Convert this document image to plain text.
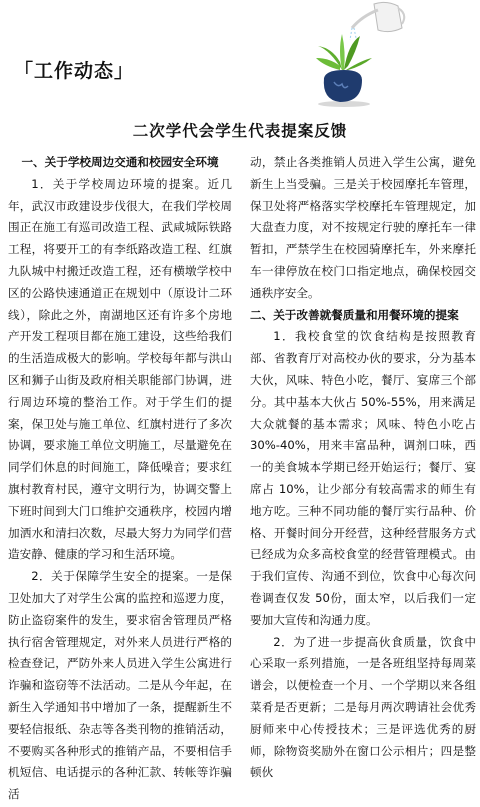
「工作动态」
二次学代会学生代表提案反馈
一、关于学校周边交通和校园安全环境

1．关于学校周边环境的提案。近几年，武汉市政建设步伐很大，在我们学校周围正在施工有巡司改造工程、武咸城际铁路工程，将要开工的有李纸路改造工程、红旗九队城中村搬迁改造工程，还有横墩学校中区的公路快速通道正在规划中（原设计二环线），除此之外，南湖地区还有许多个房地产开发工程项目都在施工建设，这些给我们的生活造成极大的影响。学校每年都与洪山区和狮子山街及政府相关职能部门协调，进行周边环境的整治工作。对于学生们的提案，保卫处与施工单位、红旗村进行了多次协调，要求施工单位文明施工，尽量避免在同学们休息的时间施工，降低噪音；要求红旗村教育村民，遵守文明行为，协调交警上下班时间到大门口维护交通秩序，校园内增加洒水和清扫次数，尽最大努力为同学们营造安静、健康的学习和生活环境。

2．关于保障学生安全的提案。一是保卫处加大了对学生公寓的监控和巡逻力度，防止盗窃案件的发生，要求宿舍管理员严格执行宿舍管理规定，对外来人员进行严格的检查登记，严防外来人员进入学生公寓进行诈骗和盗窃等不法活动。二是从今年起，在新生入学通知书中增加了一条，提醒新生不要轻信报纸、杂志等各类刊物的推销活动，不要购买各种形式的推销产品，不要相信手机短信、电话提示的各种汇款、转帐等诈骗活

动，禁止各类推销人员进入学生公寓，避免新生上当受骗。三是关于校园摩托车管理，保卫处将严格落实学校摩托车管理规定，加大盘查力度，对不按规定行驶的摩托车一律暂扣，严禁学生在校园骑摩托车，外来摩托车一律停放在校门口指定地点，确保校园交通秩序安全。

二、关于改善就餐质量和用餐环境的提案

1．我校食堂的饮食结构是按照教育部、省教育厅对高校办伙的要求，分为基本大伙，风味、特色小吃，餐厅、宴席三个部分。其中基本大伙占 50%-55%，用来满足大众就餐的基本需求；风味、特色小吃占 30%-40%，用来丰富品种，调剂口味，西一的美食城本学期已经开始运行；餐厅、宴席占 10%，让少部分有较高需求的师生有地方吃。三种不同功能的餐厅实行品种、价格、开餐时间分开经营，这种经营服务方式已经成为众多高校食堂的经营管理模式。由于我们宣传、沟通不到位，饮食中心每次问卷调查仅发 50份，面太窄，以后我们一定要加大宣传和沟通力度。

2．为了进一步提高伙食质量，饮食中心采取一系列措施，一是各班组坚持每周菜谱会，以便检查一个月、一个学期以来各组菜肴是否更新；二是每月两次聘请社会优秀厨师来中心传授技术；三是评选优秀的厨师，除物资奖励外在窗口公示相片；四是整顿伙
